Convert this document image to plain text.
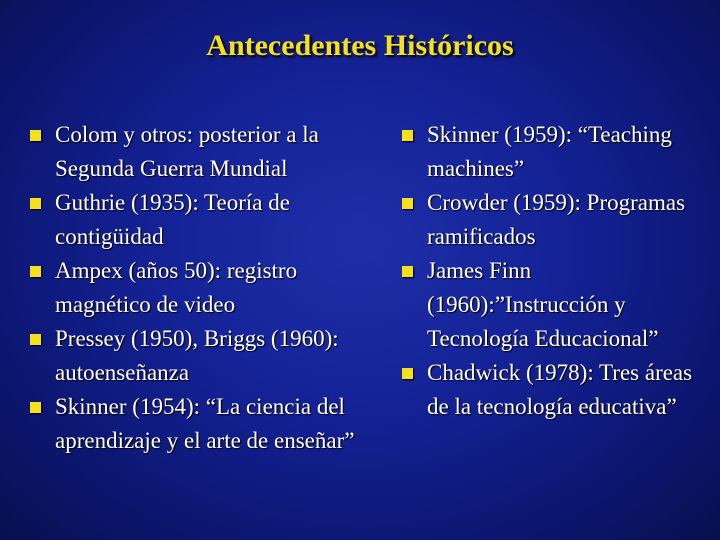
Antecedentes Históricos
Colom y otros: posterior a la Segunda Guerra Mundial
Guthrie (1935): Teoría de contigüidad
Ampex (años 50): registro magnético de video
Pressey (1950), Briggs (1960): autoenseñanza
Skinner (1954): “La ciencia del aprendizaje y el arte de enseñar”
Skinner (1959): “Teaching machines”
Crowder (1959): Programas ramificados
James Finn (1960):”Instrucción y Tecnología Educacional”
Chadwick (1978): Tres áreas de la tecnología educativa”
